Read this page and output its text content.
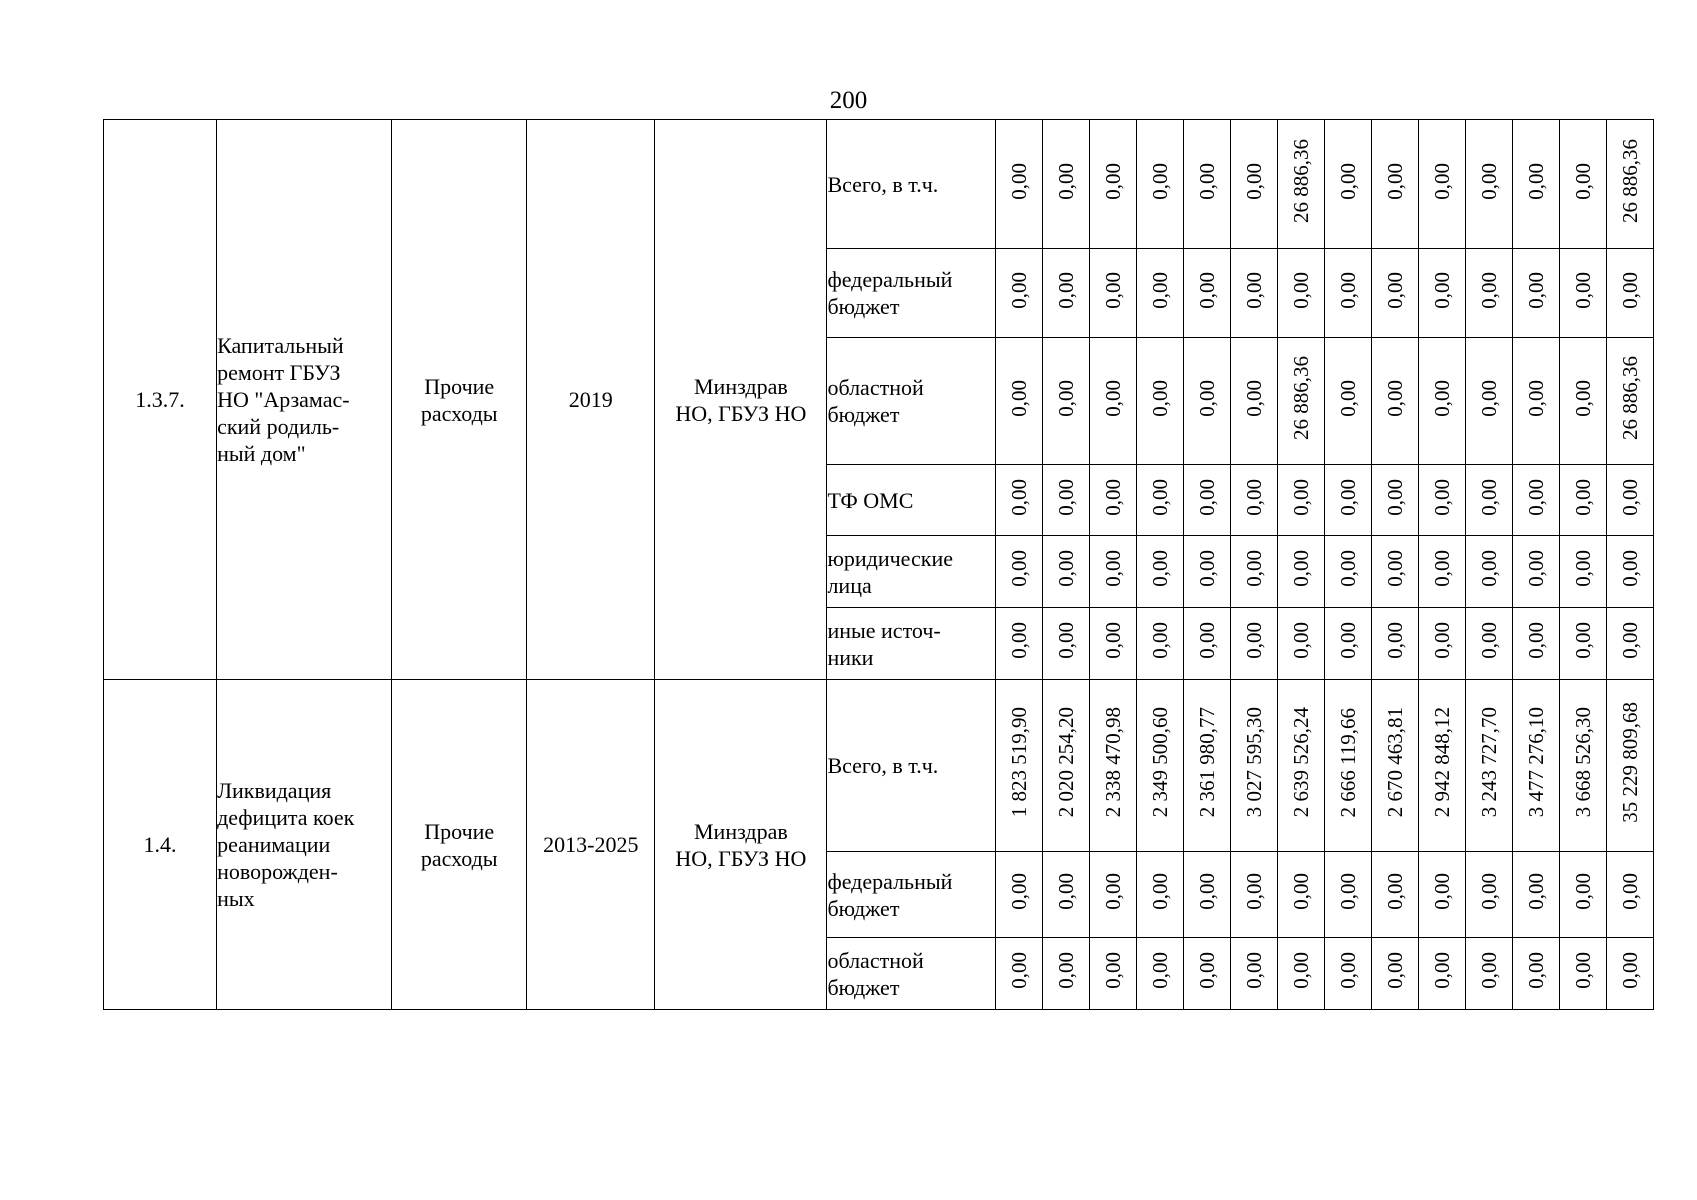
200
1.3.7.	Капитальный
ремонт ГБУЗ
НО "Арзамас-
ский родиль-
ный дом"	Прочие
расходы	2019	Минздрав
НО, ГБУЗ НО	Всего, в т.ч.	0,00	0,00	0,00	0,00	0,00	0,00	26 886,36	0,00	0,00	0,00	0,00	0,00	0,00	26 886,36
					федеральный
бюджет	0,00	0,00	0,00	0,00	0,00	0,00	0,00	0,00	0,00	0,00	0,00	0,00	0,00	0,00
					областной
бюджет	0,00	0,00	0,00	0,00	0,00	0,00	26 886,36	0,00	0,00	0,00	0,00	0,00	0,00	26 886,36
					ТФ ОМС	0,00	0,00	0,00	0,00	0,00	0,00	0,00	0,00	0,00	0,00	0,00	0,00	0,00	0,00
					юридические
лица	0,00	0,00	0,00	0,00	0,00	0,00	0,00	0,00	0,00	0,00	0,00	0,00	0,00	0,00
					иные источ-
ники	0,00	0,00	0,00	0,00	0,00	0,00	0,00	0,00	0,00	0,00	0,00	0,00	0,00	0,00
1.4.	Ликвидация
дефицита коек
реанимации
новорожден-
ных	Прочие
расходы	2013-2025	Минздрав
НО, ГБУЗ НО	Всего, в т.ч.	1 823 519,90	2 020 254,20	2 338 470,98	2 349 500,60	2 361 980,77	3 027 595,30	2 639 526,24	2 666 119,66	2 670 463,81	2 942 848,12	3 243 727,70	3 477 276,10	3 668 526,30	35 229 809,68
					федеральный
бюджет	0,00	0,00	0,00	0,00	0,00	0,00	0,00	0,00	0,00	0,00	0,00	0,00	0,00	0,00
					областной
бюджет	0,00	0,00	0,00	0,00	0,00	0,00	0,00	0,00	0,00	0,00	0,00	0,00	0,00	0,00
